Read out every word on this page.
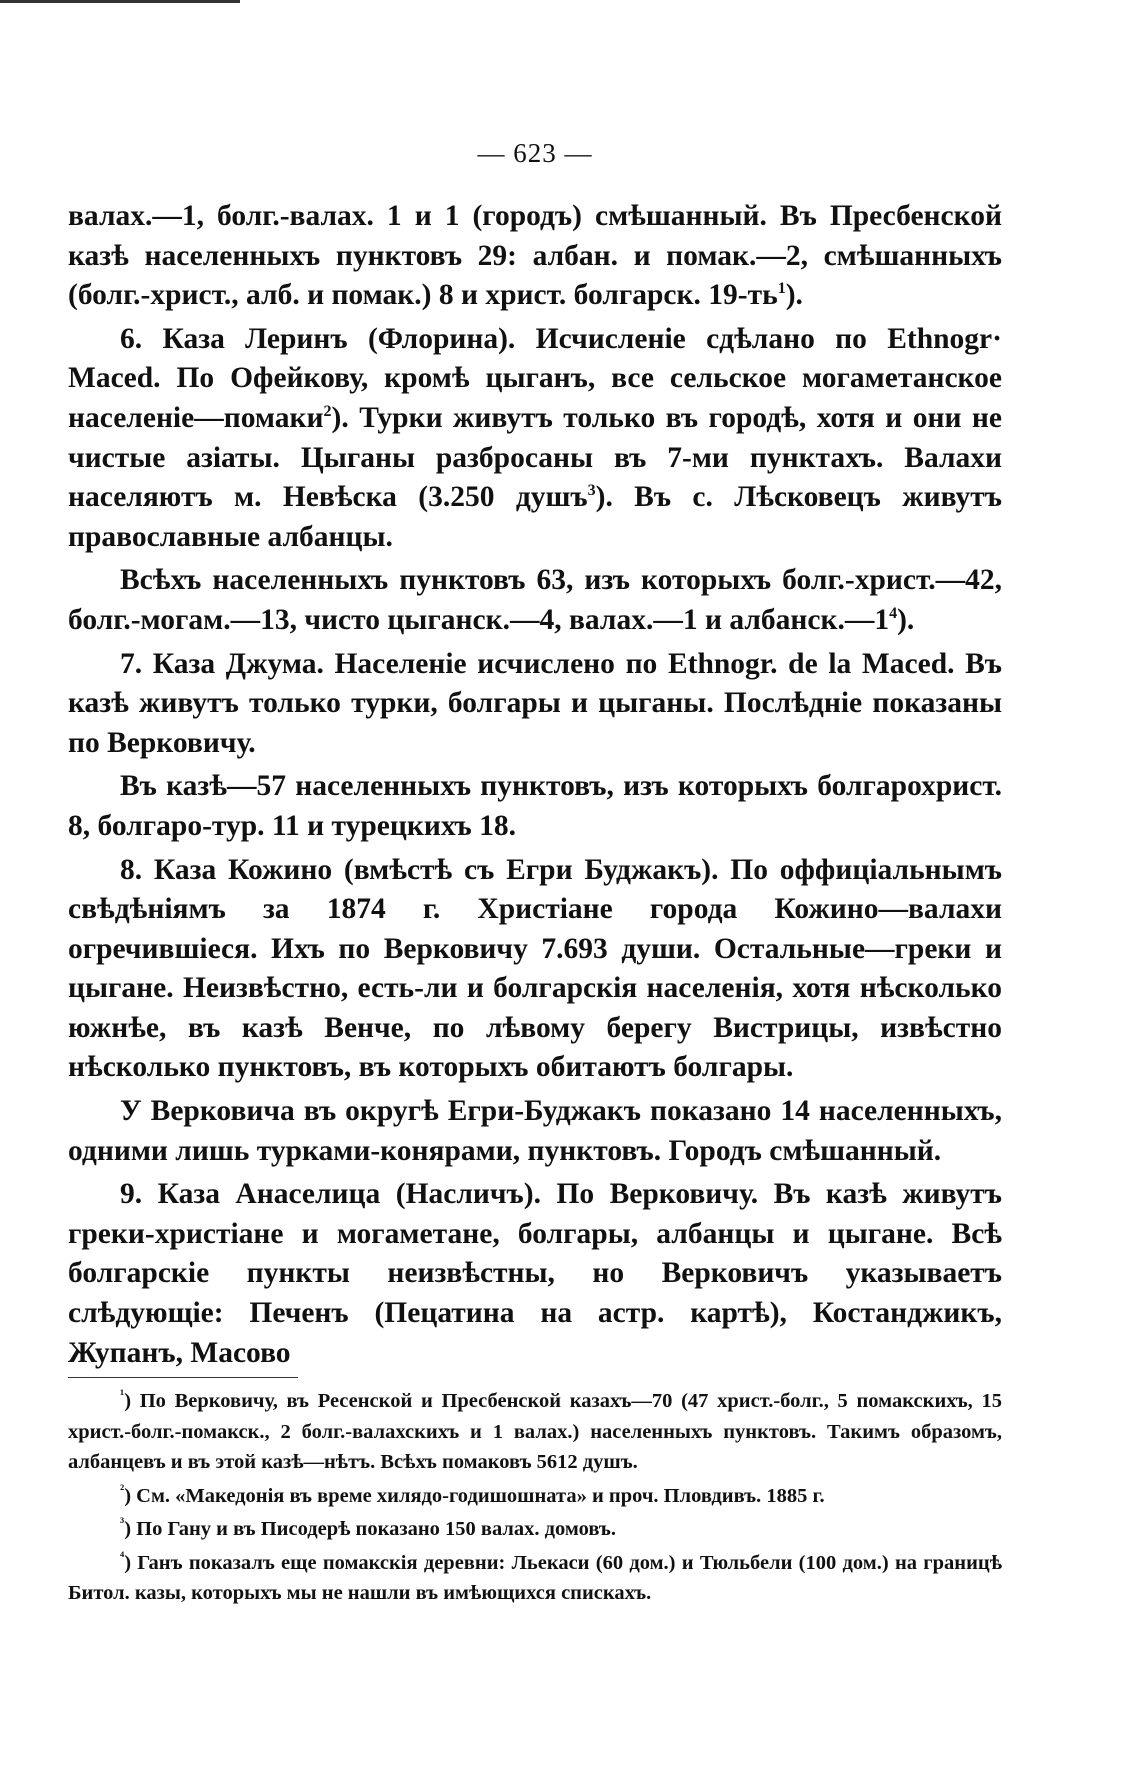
— 623 —

валах.—1, болг.-валах. 1 и 1 (городъ) смѣшанный. Въ Пресбенской казѣ населенныхъ пунктовъ 29: албан. и помак.—2, смѣшанныхъ (болг.-христ., алб. и помак.) 8 и христ. болгарск. $19-ть^1$).

6. Каза Леринъ (Флорина). Исчисленіе сдѣлано по Ethnogr· Maced. По Офейкову, кромѣ цыганъ, все сельское могаметанское населеніе—помаки$^2$). Турки живутъ только въ городѣ, хотя и они не чистые азіаты. Цыганы разбросаны въ 7-ми пунктахъ. Валахи населяютъ м. Невѣска (3.250 душъ$^3$). Въ с. Лѣсковецъ живутъ православные албанцы.

Всѣхъ населенныхъ пунктовъ 63, изъ которыхъ болг.-христ.—42, болг.-могам.—13, чисто цыганск.—4, валах.—1 и $албанск.—1^4$).

7. Каза Джума. Населеніе исчислено по Ethnogr. de la Maced. Въ казѣ живутъ только турки, болгары и цыганы. Послѣдніе показаны по Верковичу.

Въ казѣ—57 населенныхъ пунктовъ, изъ которыхъ болгарохрист. 8, болгаро-тур. 11 и турецкихъ 18.

8. Каза Кожино (вмѣстѣ съ Егри Буджакъ). По оффиціальнымъ свѣдѣніямъ за 1874 г. Христіане города Кожино—валахи огречившіеся. Ихъ по Верковичу 7.693 души. Остальные—греки и цыгане. Неизвѣстно, есть-ли и болгарскія населенія, хотя нѣсколько южнѣе, въ казѣ Венче, по лѣвому берегу Вистрицы, извѣстно нѣсколько пунктовъ, въ которыхъ обитаютъ болгары.

У Верковича въ округѣ Егри-Буджакъ показано 14 населенныхъ, одними лишь турками-конярами, пунктовъ. Городъ смѣшанный.

9. Каза Анаселица (Насличъ). По Верковичу. Въ казѣ живутъ греки-христіане и могаметане, болгары, албанцы и цыгане. Всѣ болгарскіе пункты неизвѣстны, но Верковичъ указываетъ слѣдующіе: Печенъ (Пецатина на астр. картѣ), Костанджикъ, Жупанъ, Масово

$^{^1}$) По Верковичу, въ Ресенской и Пресбенской казахъ—70 (47 христ.-болг., 5 помакскихъ, 15 христ.-болг.-помакск., 2 болг.-валахскихъ и 1 валах.) населенныхъ пунктовъ. Такимъ образомъ, албанцевъ и въ этой казѣ—нѣтъ. Всѣхъ помаковъ 5612 душъ.

$^{^2}$) См. «Македонія въ време хилядо-годишошната» и проч. Пловдивъ. 1885 г.

$^{^3}$) По Гану и въ Писодерѣ показано 150 валах. домовъ.

$^{^4}$) Ганъ показалъ еще помакскія деревни: Льекаси (60 дом.) и Тюльбели (100 дом.) на границѣ Битол. казы, которыхъ мы не нашли въ имѣющихся спискахъ.
